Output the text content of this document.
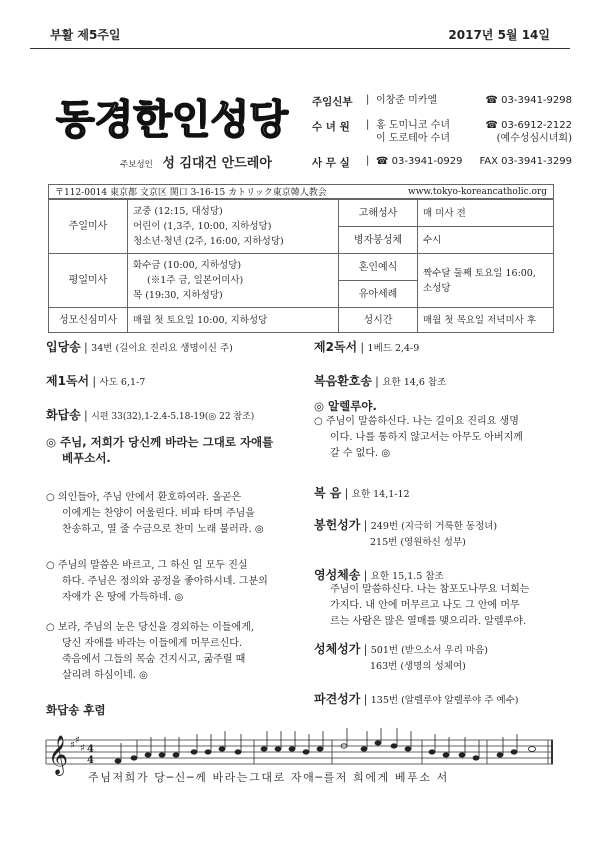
부활 제5주일	2017년 5월 14일
동경한인성당
주보성인 성 김대건 안드레아
주임신부	| 이창준 미카엘	☎ 03-3941-9298
수 녀 원	| 홍 도미니코 수녀	☎ 03-6912-2122
이 도로테아 수녀	(예수성심시녀회)
사 무 실	| ☎ 03-3941-0929 FAX 03-3941-3299
〒112-0014 東京都 文京区 関口 3-16-15 カトリック東京韓人教会	www.tokyo-koreancatholic.org
주일미사	교중 (12:15, 대성당)
어린이 (1,3주, 10:00, 지하성당)
청소년·청년 (2주, 16:00, 지하성당)	고해성사	매 미사 전
		병자봉성체	수시
평일미사	화수금 (10:00, 지하성당)
(※1주 금, 일본어미사)
목 (19:30, 지하성당)	혼인예식	짝수달 둘째 토요일 16:00, 소성당
		유아세례	
성모신심미사	매월 첫 토요일 10:00, 지하성당	성시간	매월 첫 목요일 저녁미사 후
입당송 | 34번 (길이요 진리요 생명이신 주)
제1독서 | 사도 6,1-7
화답송 | 시편 33(32),1-2.4-5.18-19(◎ 22 참조)
◎ 주님, 저희가 당신께 바라는 그대로 자애를
베푸소서.
○ 의인들아, 주님 안에서 환호하여라. 올곧은
이에게는 찬양이 어울린다. 비파 타며 주님을
찬송하고, 열 줄 수금으로 찬미 노래 불러라. ◎
○ 주님의 말씀은 바르고, 그 하신 일 모두 진실
하다. 주님은 정의와 공정을 좋아하시네. 그분의
자애가 온 땅에 가득하네. ◎
○ 보라, 주님의 눈은 당신을 경외하는 이들에게,
당신 자애를 바라는 이들에게 머무르신다.
죽음에서 그들의 목숨 건지시고, 굶주릴 때
살리려 하심이네. ◎
제2독서 | 1베드 2,4-9
복음환호송 | 요한 14,6 참조
◎ 알렐루야.
○ 주님이 말씀하신다. 나는 길이요 진리요 생명
이다. 나를 통하지 않고서는 아무도 아버지께
갈 수 없다. ◎
복 음 | 요한 14,1-12
봉헌성가 | 249번 (지극히 거룩한 동정녀)
215번 (영원하신 성부)
영성체송 | 요한 15,1.5 참조
주님이 말씀하신다. 나는 참포도나무요 너희는
가지다. 내 안에 머무르고 나도 그 안에 머무
르는 사람은 많은 열매를 맺으리라. 알렐루야.
성체성가 | 501번 (받으소서 우리 마음)
163번 (생명의 성체여)
파견성가 | 135번 (알렐루야 알렐루야 주 예수)
화답송 후렴
𝄞 ♯ ♯
♯ 4
4
주님저희가 당─신─께 바라는그대로 자애─를저 희에게 베푸소 서
